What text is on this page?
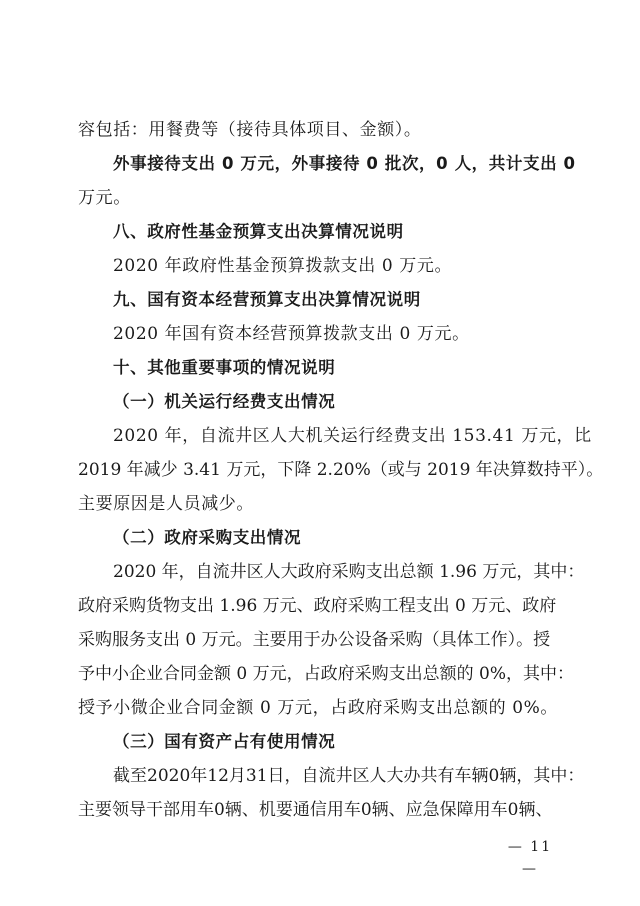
容包括：用餐费等（接待具体项目、金额）。
外事接待支出 0 万元，外事接待 0 批次，0 人，共计支出 0
万元。
八、政府性基金预算支出决算情况说明
2020 年政府性基金预算拨款支出 0 万元。
九、国有资本经营预算支出决算情况说明
2020 年国有资本经营预算拨款支出 0 万元。
十、其他重要事项的情况说明
（一）机关运行经费支出情况
2020 年，自流井区人大机关运行经费支出 153.41 万元，比
2019 年减少 3.41 万元，下降 2.20%（或与 2019 年决算数持平）。
主要原因是人员减少。
（二）政府采购支出情况
2020 年，自流井区人大政府采购支出总额 1.96 万元，其中：
政府采购货物支出 1.96 万元、政府采购工程支出 0 万元、政府
采购服务支出 0 万元。主要用于办公设备采购（具体工作）。授
予中小企业合同金额 0 万元，占政府采购支出总额的 0%，其中：
授予小微企业合同金额 0 万元，占政府采购支出总额的 0%。
（三）国有资产占有使用情况
截至2020年12月31日，自流井区人大办共有车辆0辆，其中：
主要领导干部用车0辆、机要通信用车0辆、应急保障用车0辆、
— 11 —
